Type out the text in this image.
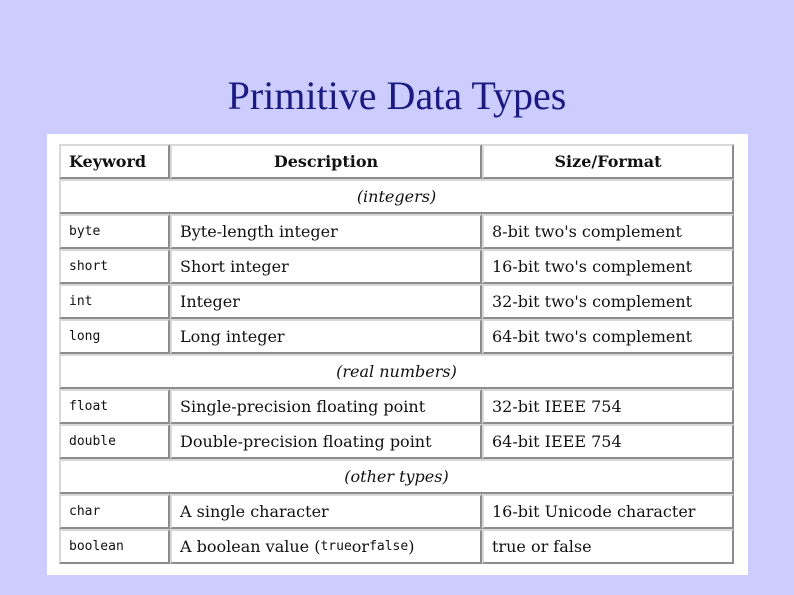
Primitive Data Types
Keyword	Description	Size/Format
(integers)
byte	Byte-length integer	8-bit two's complement
short	Short integer	16-bit two's complement
int	Integer	32-bit two's complement
long	Long integer	64-bit two's complement
(real numbers)
float	Single-precision floating point	32-bit IEEE 754
double	Double-precision floating point	64-bit IEEE 754
(other types)
char	A single character	16-bit Unicode character
boolean	A boolean value ( true or false )	true or false
